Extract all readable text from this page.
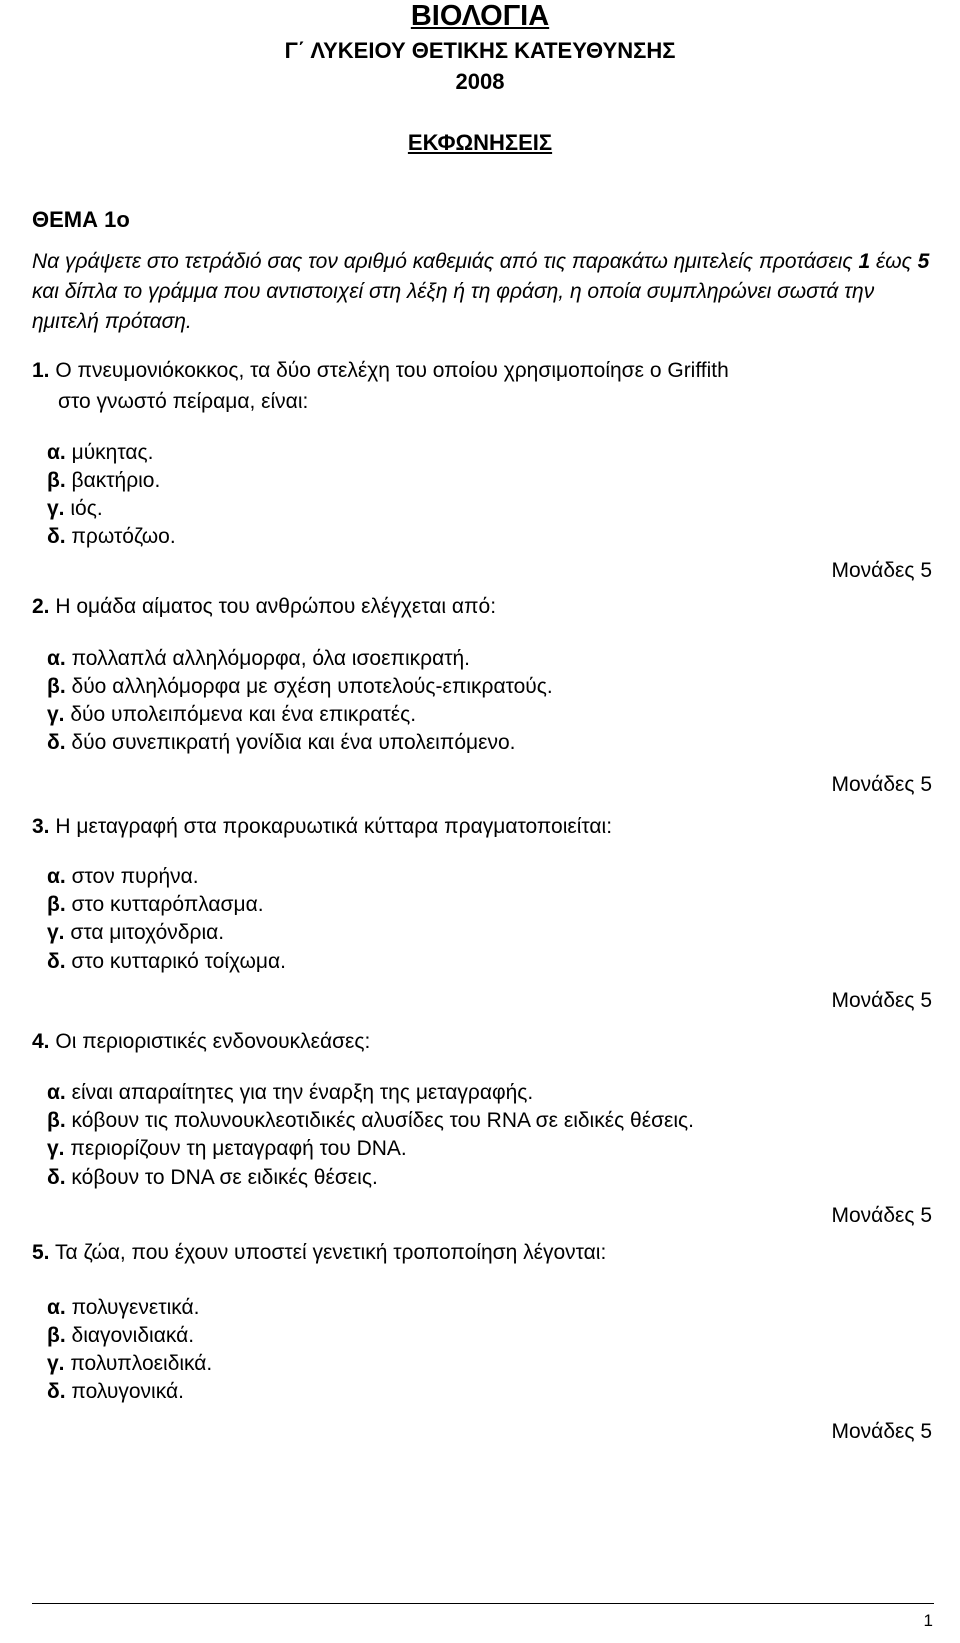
ΒΙΟΛΟΓΙΑ
Γ΄ ΛΥΚΕΙΟΥ ΘΕΤΙΚΗΣ ΚΑΤΕΥΘΥΝΣΗΣ
2008
ΕΚΦΩΝΗΣΕΙΣ
ΘΕΜΑ 1ο
Να γράψετε στο τετράδιό σας τον αριθμό καθεμιάς από τις παρακάτω ημιτελείς προτάσεις 1 έως 5 και δίπλα το γράμμα που αντιστοιχεί στη λέξη ή τη φράση, η οποία συμπληρώνει σωστά την ημιτελή πρόταση.
1. Ο πνευμονιόκοκκος, τα δύο στελέχη του οποίου χρησιμοποίησε ο Griffith
στο γνωστό πείραμα, είναι:
α. μύκητας.
β. βακτήριο.
γ. ιός.
δ. πρωτόζωο.
Μονάδες 5
2. Η ομάδα αίματος του ανθρώπου ελέγχεται από:
α. πολλαπλά αλληλόμορφα, όλα ισοεπικρατή.
β. δύο αλληλόμορφα με σχέση υποτελούς-επικρατούς.
γ. δύο υπολειπόμενα και ένα επικρατές.
δ. δύο συνεπικρατή γονίδια και ένα υπολειπόμενο.
Μονάδες 5
3. Η μεταγραφή στα προκαρυωτικά κύτταρα πραγματοποιείται:
α. στον πυρήνα.
β. στο κυτταρόπλασμα.
γ. στα μιτοχόνδρια.
δ. στο κυτταρικό τοίχωμα.
Μονάδες 5
4. Οι περιοριστικές ενδονουκλεάσες:
α. είναι απαραίτητες για την έναρξη της μεταγραφής.
β. κόβουν τις πολυνουκλεοτιδικές αλυσίδες του RNA σε ειδικές θέσεις.
γ. περιορίζουν τη μεταγραφή του DNA.
δ. κόβουν το DNA σε ειδικές θέσεις.
Μονάδες 5
5. Τα ζώα, που έχουν υποστεί γενετική τροποποίηση λέγονται:
α. πολυγενετικά.
β. διαγονιδιακά.
γ. πολυπλοειδικά.
δ. πολυγονικά.
Μονάδες 5
1
